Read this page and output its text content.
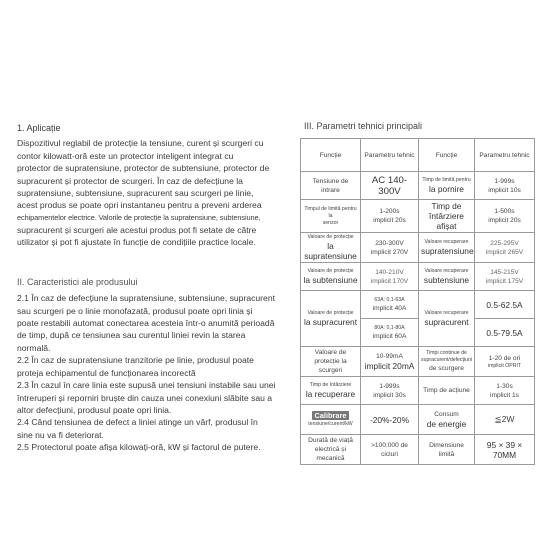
1. Aplicație

Dispozitivul reglabil de protecție la tensiune, curent și scurgeri cu

contor kilowatt-oră este un protector inteligent integrat cu

protector de supratensiune, protector de subtensiune, protector de

supracurent și protector de scurgeri. În caz de defecțiune la

supratensiune, subtensiune, supracurent sau scurgeri pe linie,

acest produs se poate opri instantaneu pentru a preveni arderea

echipamentelor electrice. Valorile de protecție la supratensiune, subtensiune,

supracurent și scurgeri ale acestui produs pot fi setate de către

utilizator și pot fi ajustate în funcție de condițiile practice locale.

II. Caracteristici ale produsului

2.1 În caz de defecțiune la supratensiune, subtensiune, supracurent

sau scurgeri pe o linie monofazată, produsul poate opri linia și

poate restabili automat conectarea acesteia într-o anumită perioadă

de timp, după ce tensiunea sau curentul liniei revin la starea

normală.

2.2 În caz de supratensiune tranzitorie pe linie, produsul poate

proteja echipamentul de funcționarea incorectă

2.3 În cazul în care linia este supusă unei tensiuni instabile sau unei

întreruperi și reporniri bruște din cauza unei conexiuni slăbite sau a

altor defecțiuni, produsul poate opri linia.

2.4 Când tensiunea de defect a liniei atinge un vârf, produsul în

sine nu va fi deteriorat.

2.5 Protectorul poate afișa kilowați-oră, kW și factorul de putere.

III. Parametri tehnici principali

Funcție	Parametru tehnic	Funcție	Parametru tehnic

Tensiune de intrare	AC 140-300V	Timp de limită pentru
la pornire	1-999s
implicit 10s

Timpul de limită pentru la
senzor	1-200s
implicit 20s	Timp de întârziere
afișat	1-500s
implicit 20s

Valoare de protecție
la supratensiune	230-300V
implicit 270V	Valoare recuperare
supratensiune	225-295V
implicit 265V

Valoare de protecție
la subtensiune	140-210V
implicit 170V	Valoare recuperare
subtensiune	145-215V
implicit 175V

Valoare de protecție
la supracurent	63A: 0,1-63A
implicit 40A	Valoare recuperare
supracurent	0.5-62.5A

	80A: 0,1-80A
implicit 60A		0.5-79.5A

Valoare de
protecție la scurgeri	10-99mA
implicit 20mA	Timpi continue de
supracurent/defecțiuni
de scurgere	1-20 de ori
implicit OPRIT

Timp de întârziere
la recuperare	1-999s
implicit 30s	Timp de acțiune	1-30s
implicit 1s

Calibrare
tensiune/curent/kW	-20%-20%	Consum
de energie	≦2W

Durată de viață
electrică și mecanică	>100.000 de cicluri	Dimensiune
limită	95 × 39 × 70MM
